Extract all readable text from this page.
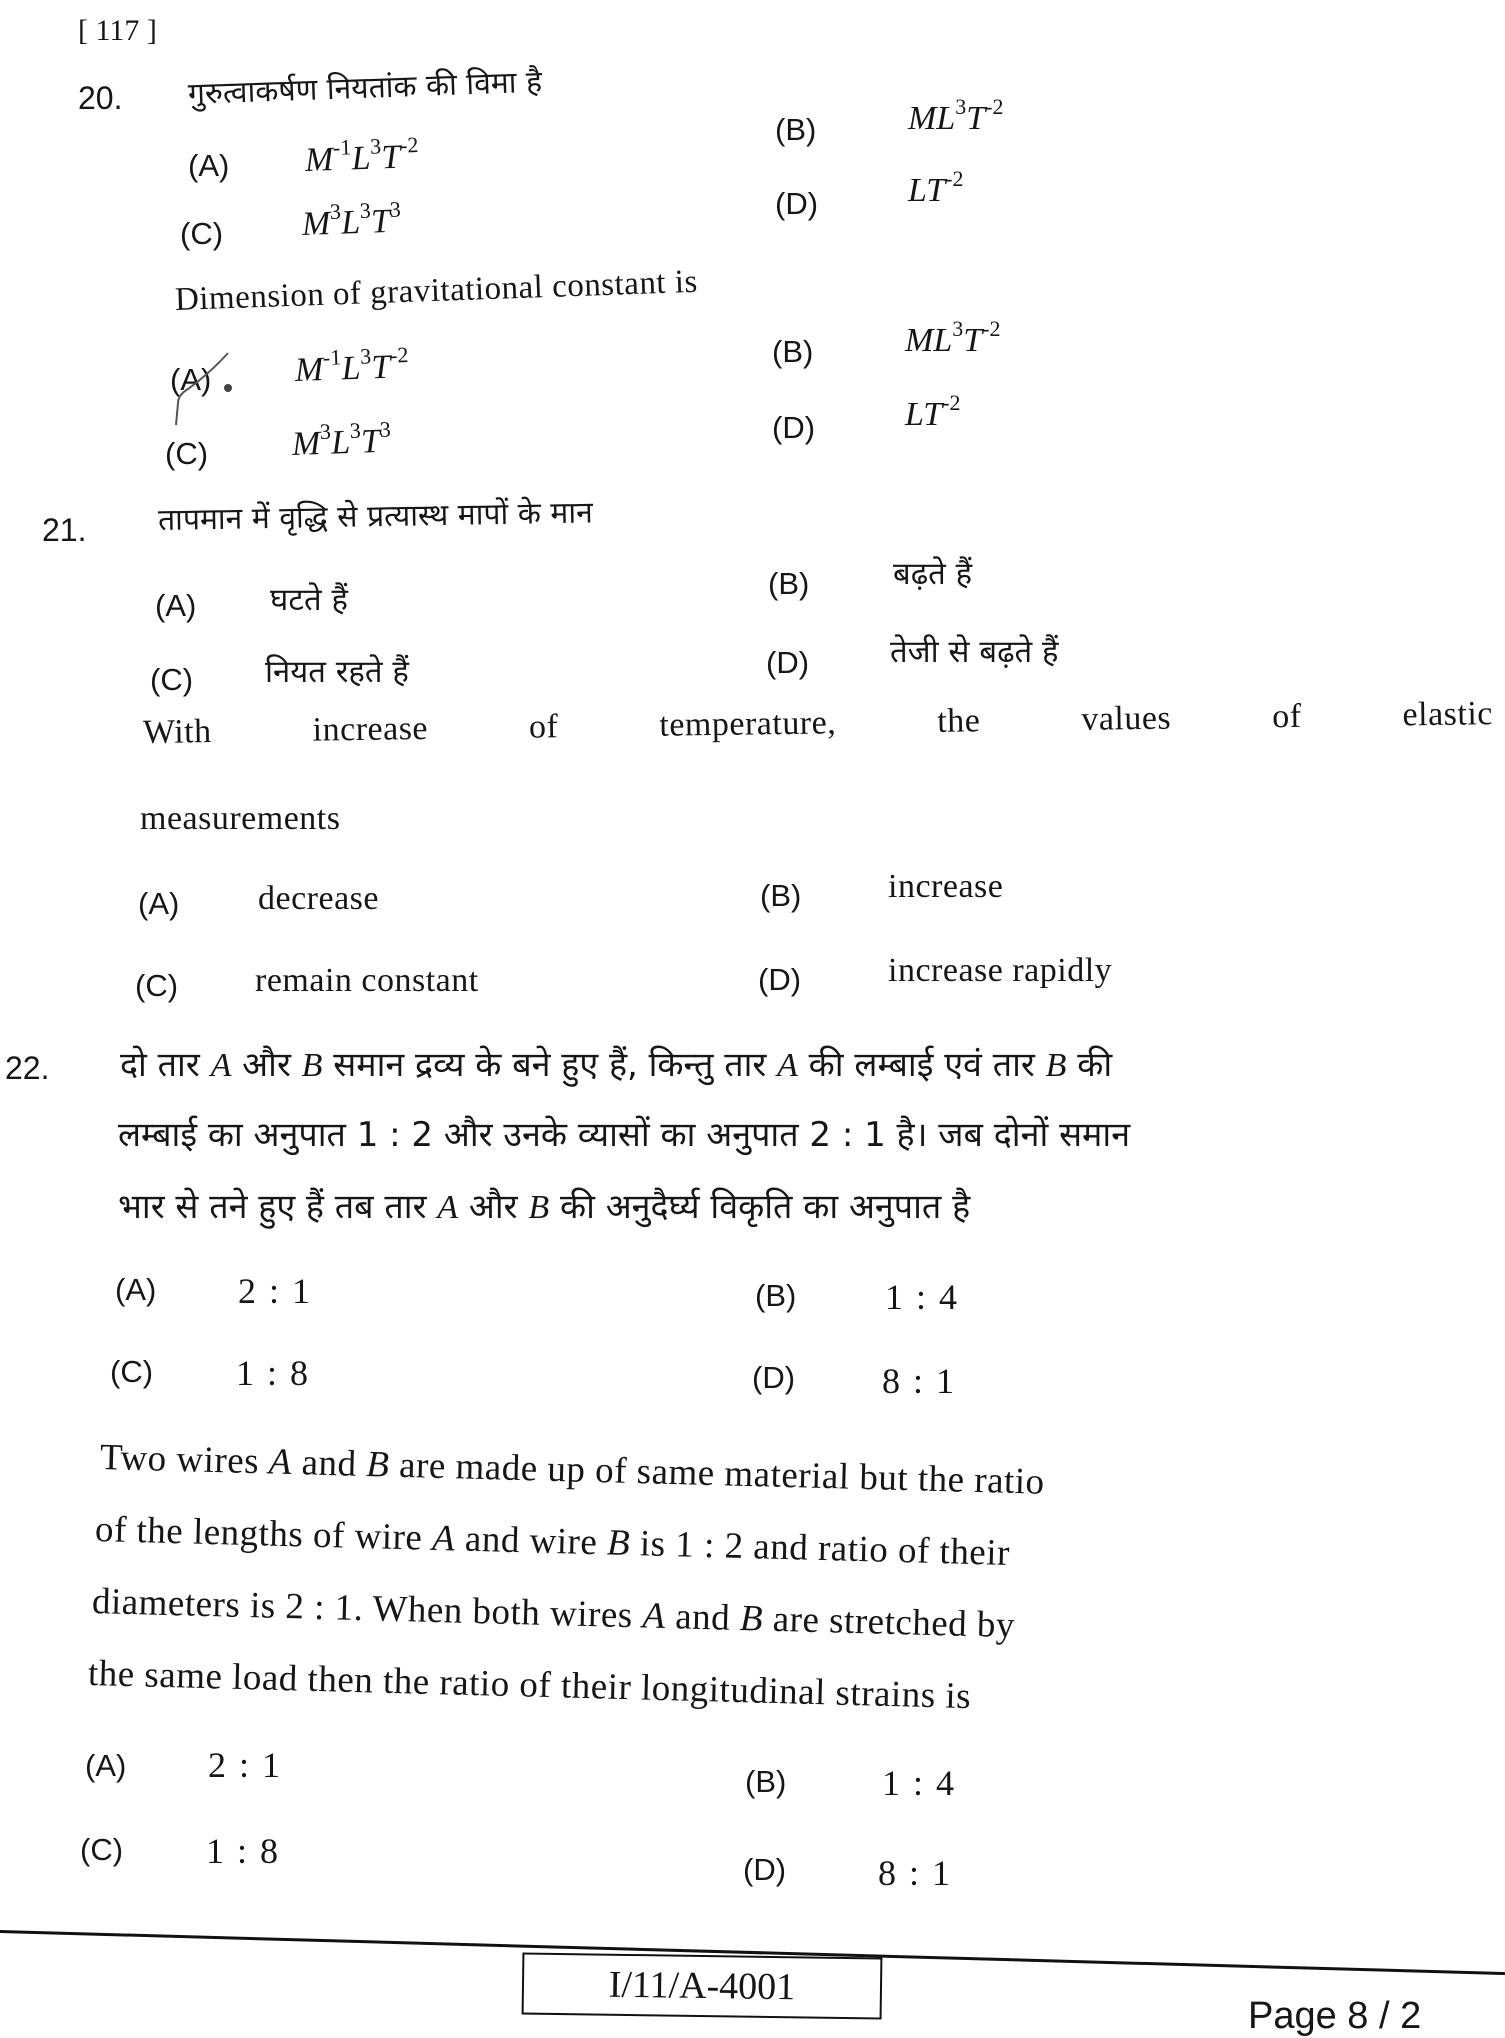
[ 117 ]
20. गुरुत्वाकर्षण नियतांक की विमा है
(A) $M^{-1}L^3T^{-2}$	(B)	$ML^3T^{-2}$
(C) $M^3L^3T^3$	(D)	$LT^{-2}$
Dimension of gravitational constant is
(A) $M^{-1}L^3T^{-2}$	(B)	$ML^3T^{-2}$
(C) $M^3L^3T^3$	(D)	$LT^{-2}$
21. तापमान में वृद्धि से प्रत्यास्थ मापों के मान
(A) घटते हैं	(B)	बढ़ते हैं
(C) नियत रहते हैं	(D)	तेजी से बढ़ते हैं
With increase of temperature, the values of elastic
measurements
(A) decrease	(B)	increase
(C) remain constant	(D)	increase rapidly
22. दो तार A और B समान द्रव्य के बने हुए हैं, किन्तु तार A की लम्बाई एवं तार B की
लम्बाई का अनुपात 1 : 2 और उनके व्यासों का अनुपात 2 : 1 है। जब दोनों समान
भार से तने हुए हैं तब तार A और B की अनुदैर्घ्य विकृति का अनुपात है
(A) 2 : 1	(B) 1 : 4
(C) 1 : 8	(D) 8 : 1
Two wires A and B are made up of same material but the ratio
of the lengths of wire A and wire B is 1 : 2 and ratio of their
diameters is 2 : 1. When both wires A and B are stretched by
the same load then the ratio of their longitudinal strains is
(A) 2 : 1	(B)	1 : 4
(C) 1 : 8	(D)	8 : 1
I/11/A-4001
Page 8 / 2
